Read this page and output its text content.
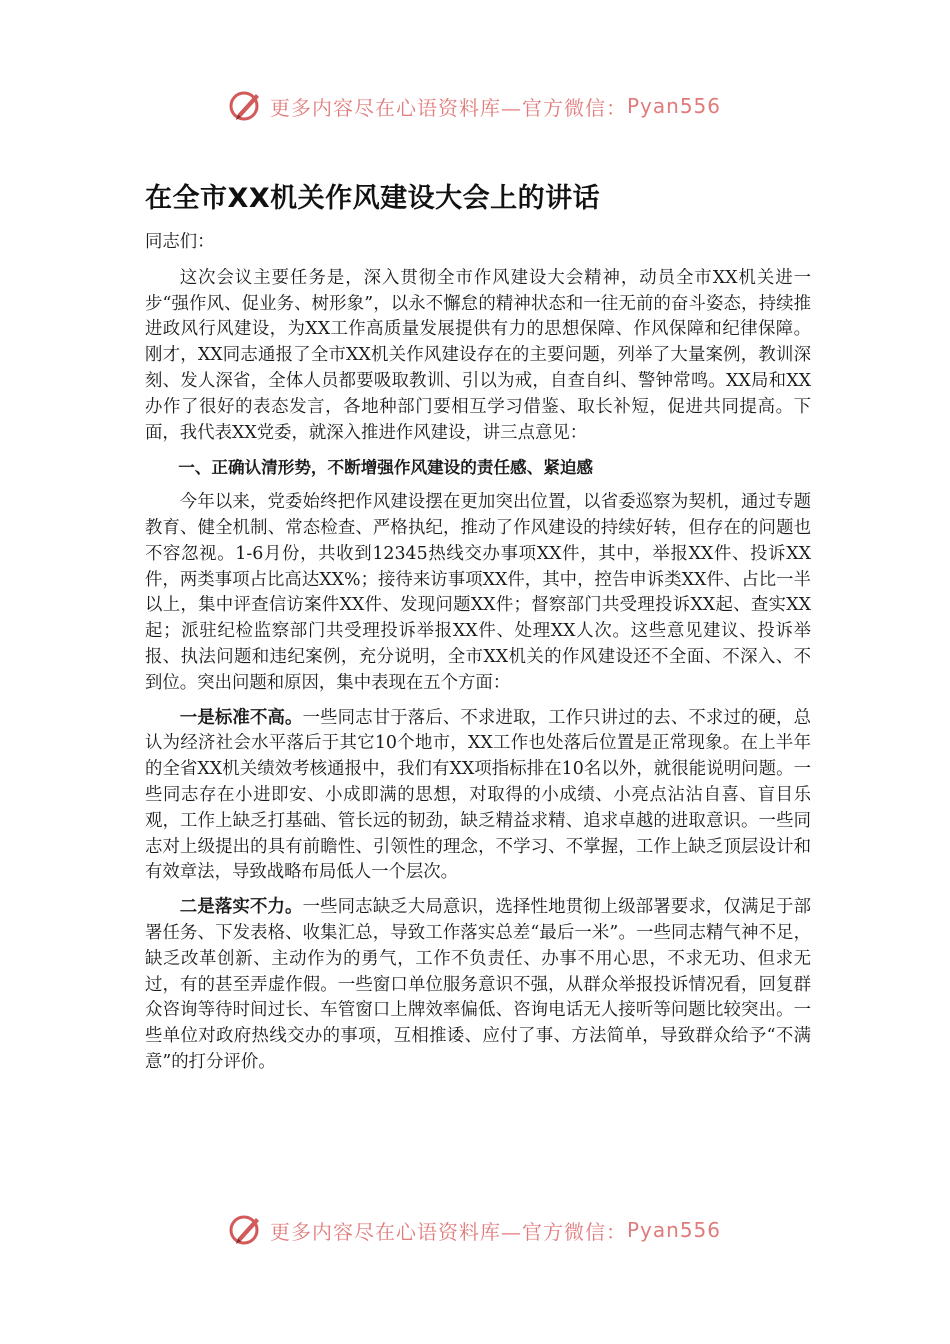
更多内容尽在心语资料库—官方微信： Pyan556
在全市XX机关作风建设大会上的讲话

同志们：

这次会议主要任务是，深入贯彻全市作风建设大会精神，动员全市XX机关进一步“强作风、促业务、树形象”，以永不懈怠的精神状态和一往无前的奋斗姿态，持续推进政风行风建设，为XX工作高质量发展提供有力的思想保障、作风保障和纪律保障。刚才，XX同志通报了全市XX机关作风建设存在的主要问题，列举了大量案例，教训深刻、发人深省，全体人员都要吸取教训、引以为戒，自查自纠、警钟常鸣。XX局和XX办作了很好的表态发言，各地种部门要相互学习借鉴、取长补短，促进共同提高。下面，我代表XX党委，就深入推进作风建设，讲三点意见：

一、正确认清形势，不断增强作风建设的责任感、紧迫感

今年以来，党委始终把作风建设摆在更加突出位置，以省委巡察为契机，通过专题教育、健全机制、常态检查、严格执纪，推动了作风建设的持续好转，但存在的问题也不容忽视。1-6月份，共收到12345热线交办事项XX件，其中，举报XX件、投诉XX件，两类事项占比高达XX%；接待来访事项XX件，其中，控告申诉类XX件、占比一半以上，集中评查信访案件XX件、发现问题XX件；督察部门共受理投诉XX起、查实XX起；派驻纪检监察部门共受理投诉举报XX件、处理XX人次。这些意见建议、投诉举报、执法问题和违纪案例，充分说明，全市XX机关的作风建设还不全面、不深入、不到位。突出问题和原因，集中表现在五个方面：

一是标准不高。一些同志甘于落后、不求进取，工作只讲过的去、不求过的硬，总认为经济社会水平落后于其它10个地市，XX工作也处落后位置是正常现象。在上半年的全省XX机关绩效考核通报中，我们有XX项指标排在10名以外，就很能说明问题。一些同志存在小进即安、小成即满的思想，对取得的小成绩、小亮点沾沾自喜、盲目乐观，工作上缺乏打基础、管长远的韧劲，缺乏精益求精、追求卓越的进取意识。一些同志对上级提出的具有前瞻性、引领性的理念，不学习、不掌握，工作上缺乏顶层设计和有效章法，导致战略布局低人一个层次。

二是落实不力。一些同志缺乏大局意识，选择性地贯彻上级部署要求，仅满足于部署任务、下发表格、收集汇总，导致工作落实总差“最后一米”。一些同志精气神不足，缺乏改革创新、主动作为的勇气，工作不负责任、办事不用心思，不求无功、但求无过，有的甚至弄虚作假。一些窗口单位服务意识不强，从群众举报投诉情况看，回复群众咨询等待时间过长、车管窗口上牌效率偏低、咨询电话无人接听等问题比较突出。一些单位对政府热线交办的事项，互相推诿、应付了事、方法简单，导致群众给予“不满意”的打分评价。

更多内容尽在心语资料库—官方微信： Pyan556
